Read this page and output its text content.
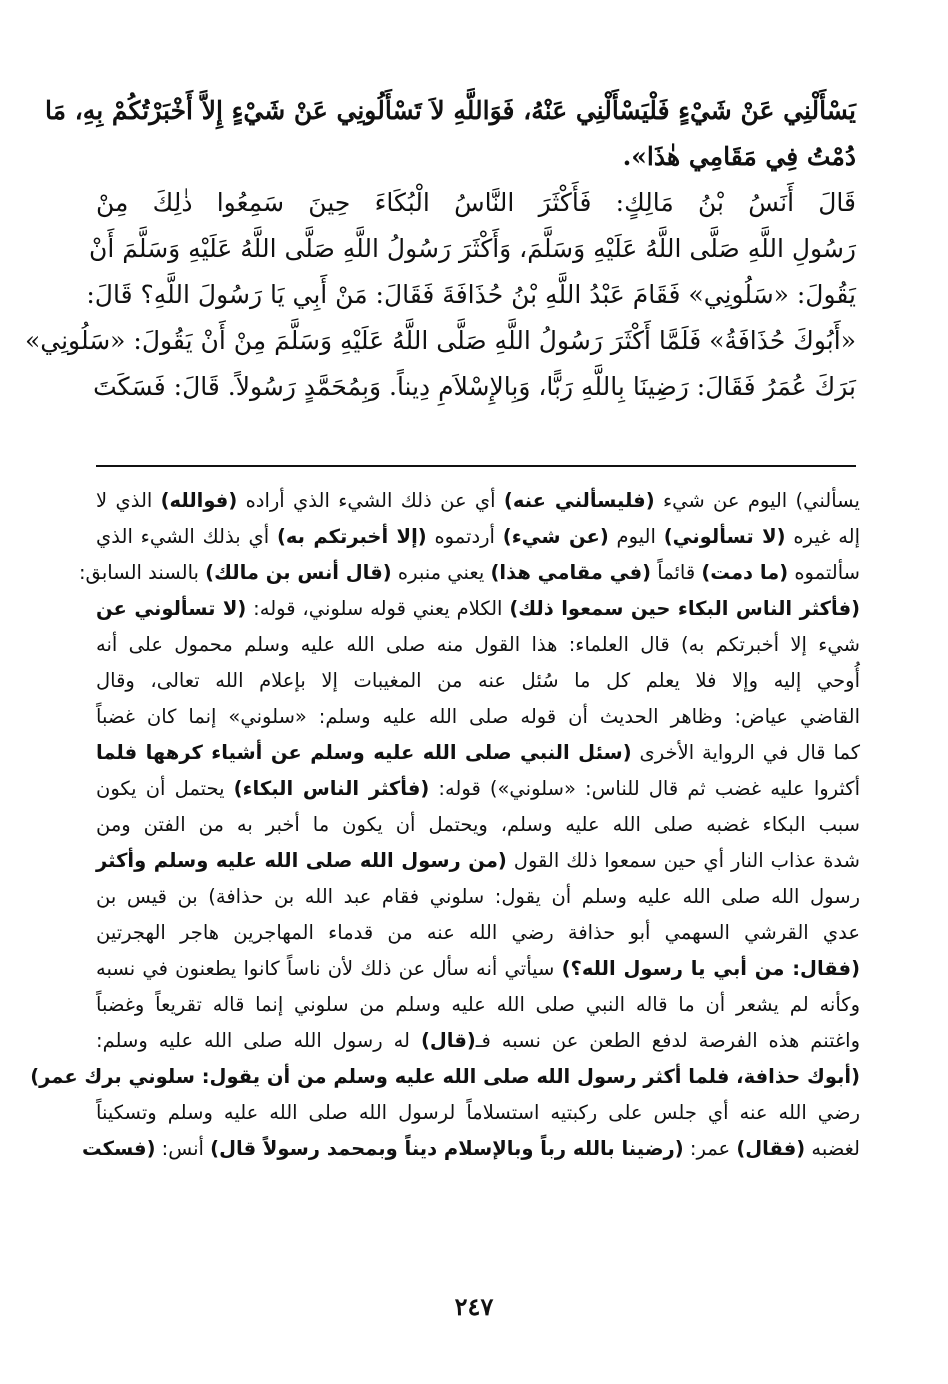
يَسْأَلْنِي عَنْ شَيْءٍ فَلْيَسْأَلْنِي عَنْهُ، فَوَاللَّهِ لاَ تَسْأَلُونِي عَنْ شَيْءٍ إِلاَّ أَخْبَرْتُكُمْ بِهِ، مَا
دُمْتُ فِي مَقَامِي هٰذَا».
قَالَ أَنَسُ بْنُ مَالِكٍ: فَأَكْثَرَ النَّاسُ الْبُكَاءَ حِينَ سَمِعُوا ذٰلِكَ مِنْ
رَسُولِ اللَّهِ صَلَّى اللَّهُ عَلَيْهِ وَسَلَّمَ، وَأَكْثَرَ رَسُولُ اللَّهِ صَلَّى اللَّهُ عَلَيْهِ وَسَلَّمَ أَنْ
يَقُولَ: «سَلُونِي» فَقَامَ عَبْدُ اللَّهِ بْنُ حُذَافَةَ فَقَالَ: مَنْ أَبِي يَا رَسُولَ اللَّهِ؟ قَالَ:
«أَبُوكَ حُذَافَةُ» فَلَمَّا أَكْثَرَ رَسُولُ اللَّهِ صَلَّى اللَّهُ عَلَيْهِ وَسَلَّمَ مِنْ أَنْ يَقُولَ: «سَلُونِي»
بَرَكَ عُمَرُ فَقَالَ: رَضِينَا بِاللَّهِ رَبًّا، وَبِالإِسْلاَمِ دِيناً. وَبِمُحَمَّدٍ رَسُولاً. قَالَ: فَسَكَتَ
يسألني) اليوم عن شيء (فليسألني عنه) أي عن ذلك الشيء الذي أراده (فوالله) الذي لا
إله غيره (لا تسألوني) اليوم (عن شيء) أردتموه (إلا أخبرتكم به) أي بذلك الشيء الذي
سألتموه (ما دمت) قائماً (في مقامي هذا) يعني منبره (قال أنس بن مالك) بالسند السابق:
(فأكثر الناس البكاء حين سمعوا ذلك) الكلام يعني قوله سلوني، قوله: (لا تسألوني عن
شيء إلا أخبرتكم به) قال العلماء: هذا القول منه صلى الله عليه وسلم محمول على أنه
أُوحي إليه وإلا فلا يعلم كل ما سُئل عنه من المغيبات إلا بإعلام الله تعالى، وقال
القاضي عياض: وظاهر الحديث أن قوله صلى الله عليه وسلم: «سلوني» إنما كان غضباً
كما قال في الرواية الأخرى (سئل النبي صلى الله عليه وسلم عن أشياء كرهها فلما
أكثروا عليه غضب ثم قال للناس: «سلوني») قوله: (فأكثر الناس البكاء) يحتمل أن يكون
سبب البكاء غضبه صلى الله عليه وسلم، ويحتمل أن يكون ما أخبر به من الفتن ومن
شدة عذاب النار أي حين سمعوا ذلك القول (من رسول الله صلى الله عليه وسلم وأكثر
رسول الله صلى الله عليه وسلم أن يقول: سلوني فقام عبد الله بن حذافة) بن قيس بن
عدي القرشي السهمي أبو حذافة رضي الله عنه من قدماء المهاجرين هاجر الهجرتين
(فقال: من أبي يا رسول الله؟) سيأتي أنه سأل عن ذلك لأن ناساً كانوا يطعنون في نسبه
وكأنه لم يشعر أن ما قاله النبي صلى الله عليه وسلم من سلوني إنما قاله تقريعاً وغضباً
واغتنم هذه الفرصة لدفع الطعن عن نسبه فـ(قال) له رسول الله صلى الله عليه وسلم:
(أبوك حذافة، فلما أكثر رسول الله صلى الله عليه وسلم من أن يقول: سلوني برك عمر)
رضي الله عنه أي جلس على ركبتيه استسلاماً لرسول الله صلى الله عليه وسلم وتسكيناً
لغضبه (فقال) عمر: (رضينا بالله رباً وبالإسلام ديناً وبمحمد رسولاً قال) أنس: (فسكت
٢٤٧
